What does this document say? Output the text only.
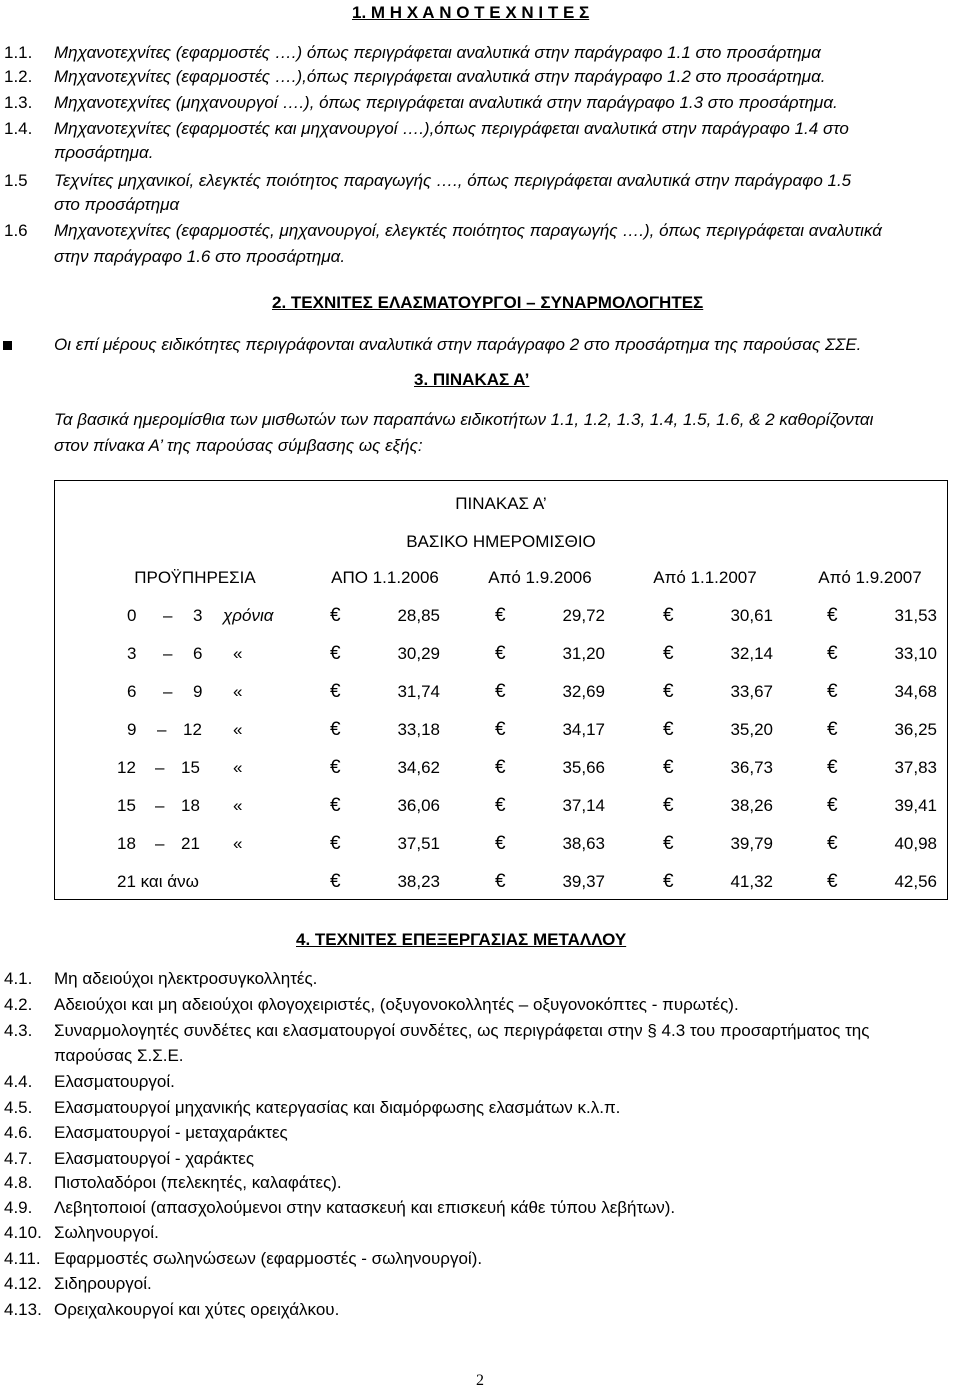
1. Μ Η Χ Α Ν Ο Τ Ε Χ Ν Ι Τ Ε Σ
1.1. Μηχανοτεχνίτες (εφαρμοστές ….) όπως περιγράφεται αναλυτικά στην παράγραφο 1.1 στο προσάρτημα
1.2. Μηχανοτεχνίτες (εφαρμοστές ….),όπως περιγράφεται αναλυτικά στην παράγραφο 1.2 στο προσάρτημα.
1.3. Μηχανοτεχνίτες (μηχανουργοί ….), όπως περιγράφεται αναλυτικά στην παράγραφο 1.3 στο προσάρτημα.
1.4. Μηχανοτεχνίτες (εφαρμοστές και μηχανουργοί ….),όπως περιγράφεται αναλυτικά στην παράγραφο 1.4 στο
προσάρτημα.
1.5 Τεχνίτες μηχανικοί, ελεγκτές ποιότητος παραγωγής …., όπως περιγράφεται αναλυτικά στην παράγραφο 1.5
στο προσάρτημα
1.6 Μηχανοτεχνίτες (εφαρμοστές, μηχανουργοί, ελεγκτές ποιότητος παραγωγής ….), όπως περιγράφεται αναλυτικά
στην παράγραφο 1.6 στο προσάρτημα.
2. ΤΕΧΝΙΤΕΣ ΕΛΑΣΜΑΤΟΥΡΓΟΙ – ΣΥΝΑΡΜΟΛΟΓΗΤΕΣ
Οι επί μέρους ειδικότητες περιγράφονται αναλυτικά στην παράγραφο 2 στο προσάρτημα της παρούσας ΣΣΕ.
3. ΠΙΝΑΚΑΣ Α’
Τα βασικά ημερομίσθια των μισθωτών των παραπάνω ειδικοτήτων 1.1, 1.2, 1.3, 1.4, 1.5, 1.6, & 2 καθορίζονται
στον πίνακα Α’ της παρούσας σύμβασης ως εξής:
ΠΙΝΑΚΑΣ Α’
ΒΑΣΙΚΟ ΗΜΕΡΟΜΙΣΘΙΟ
ΠΡΟΫΠΗΡΕΣΙΑ	ΑΠΟ 1.1.2006	Από 1.9.2006	Από 1.1.2007	Από 1.9.2007
0 – 3 χρόνια	€	28,85	€	29,72	€	30,61	€	31,53
3 – 6 «	€	30,29	€	31,20	€	32,14	€	33,10
6 – 9 «	€	31,74	€	32,69	€	33,67	€	34,68
9 – 12 «	€	33,18	€	34,17	€	35,20	€	36,25
12 – 15 «	€	34,62	€	35,66	€	36,73	€	37,83
15 – 18 «	€	36,06	€	37,14	€	38,26	€	39,41
18 – 21 «	€	37,51	€	38,63	€	39,79	€	40,98
21 και άνω	€	38,23	€	39,37	€	41,32	€	42,56
4. ΤΕΧΝΙΤΕΣ ΕΠΕΞΕΡΓΑΣΙΑΣ ΜΕΤΑΛΛΟΥ
4.1. Μη αδειούχοι ηλεκτροσυγκολλητές.
4.2. Αδειούχοι και μη αδειούχοι φλογοχειριστές, (οξυγονοκολλητές – οξυγονοκόπτες - πυρωτές).
4.3. Συναρμολογητές συνδέτες και ελασματουργοί συνδέτες, ως περιγράφεται στην § 4.3 του προσαρτήματος της
παρούσας Σ.Σ.Ε.
4.4. Ελασματουργοί.
4.5. Ελασματουργοί μηχανικής κατεργασίας και διαμόρφωσης ελασμάτων κ.λ.π.
4.6. Ελασματουργοί - μεταχαράκτες
4.7. Ελασματουργοί - χαράκτες
4.8. Πιστολαδόροι (πελεκητές, καλαφάτες).
4.9. Λεβητοποιοί (απασχολούμενοι στην κατασκευή και επισκευή κάθε τύπου λεβήτων).
4.10. Σωληνουργοί.
4.11. Εφαρμοστές σωληνώσεων (εφαρμοστές - σωληνουργοί).
4.12. Σιδηρουργοί.
4.13. Ορειχαλκουργοί και χύτες ορειχάλκου.
2
